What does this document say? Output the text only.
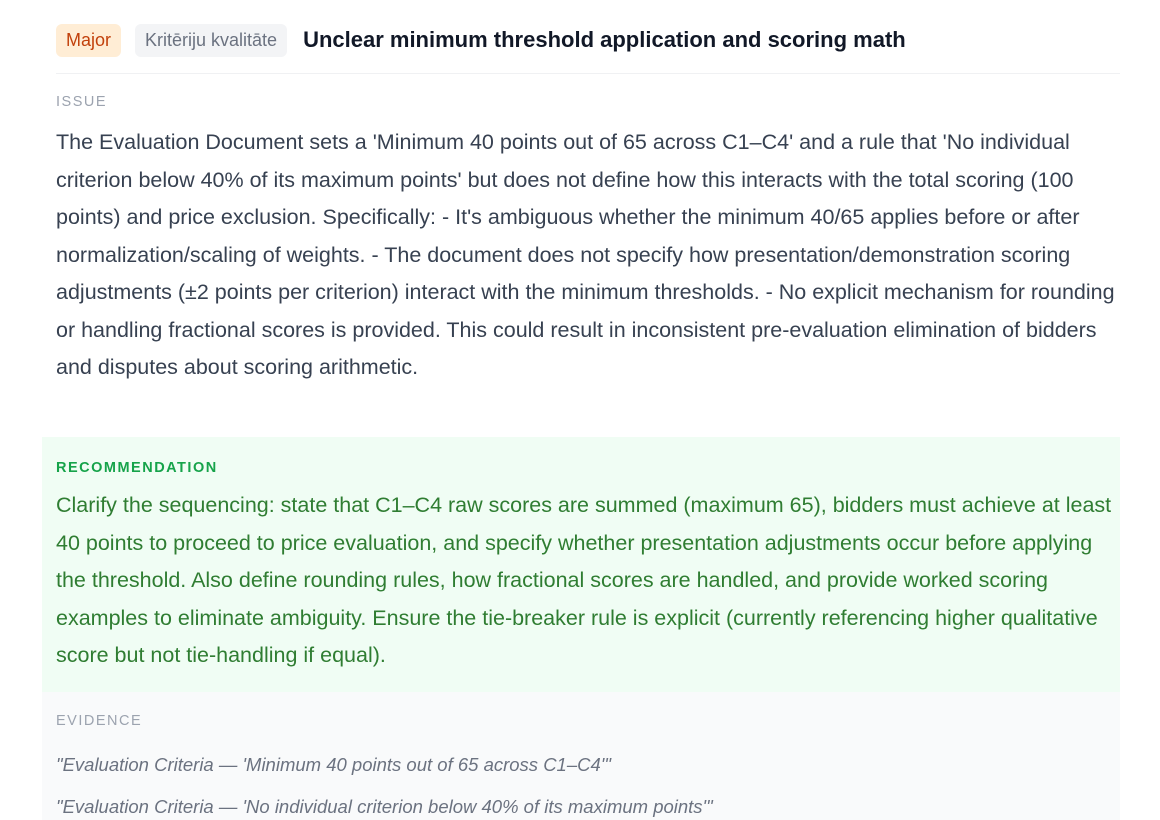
Major	Kritēriju kvalitāte	Unclear minimum threshold application and scoring math
ISSUE
The Evaluation Document sets a 'Minimum 40 points out of 65 across C1–C4' and a rule that 'No individual criterion below 40% of its maximum points' but does not define how this interacts with the total scoring (100 points) and price exclusion. Specifically: - It's ambiguous whether the minimum 40/65 applies before or after normalization/scaling of weights. - The document does not specify how presentation/demonstration scoring adjustments (±2 points per criterion) interact with the minimum thresholds. - No explicit mechanism for rounding or handling fractional scores is provided. This could result in inconsistent pre-evaluation elimination of bidders and disputes about scoring arithmetic.
RECOMMENDATION
Clarify the sequencing: state that C1–C4 raw scores are summed (maximum 65), bidders must achieve at least 40 points to proceed to price evaluation, and specify whether presentation adjustments occur before applying the threshold. Also define rounding rules, how fractional scores are handled, and provide worked scoring examples to eliminate ambiguity. Ensure the tie-breaker rule is explicit (currently referencing higher qualitative score but not tie-handling if equal).
EVIDENCE
"Evaluation Criteria — 'Minimum 40 points out of 65 across C1–C4'"
"Evaluation Criteria — 'No individual criterion below 40% of its maximum points'"
